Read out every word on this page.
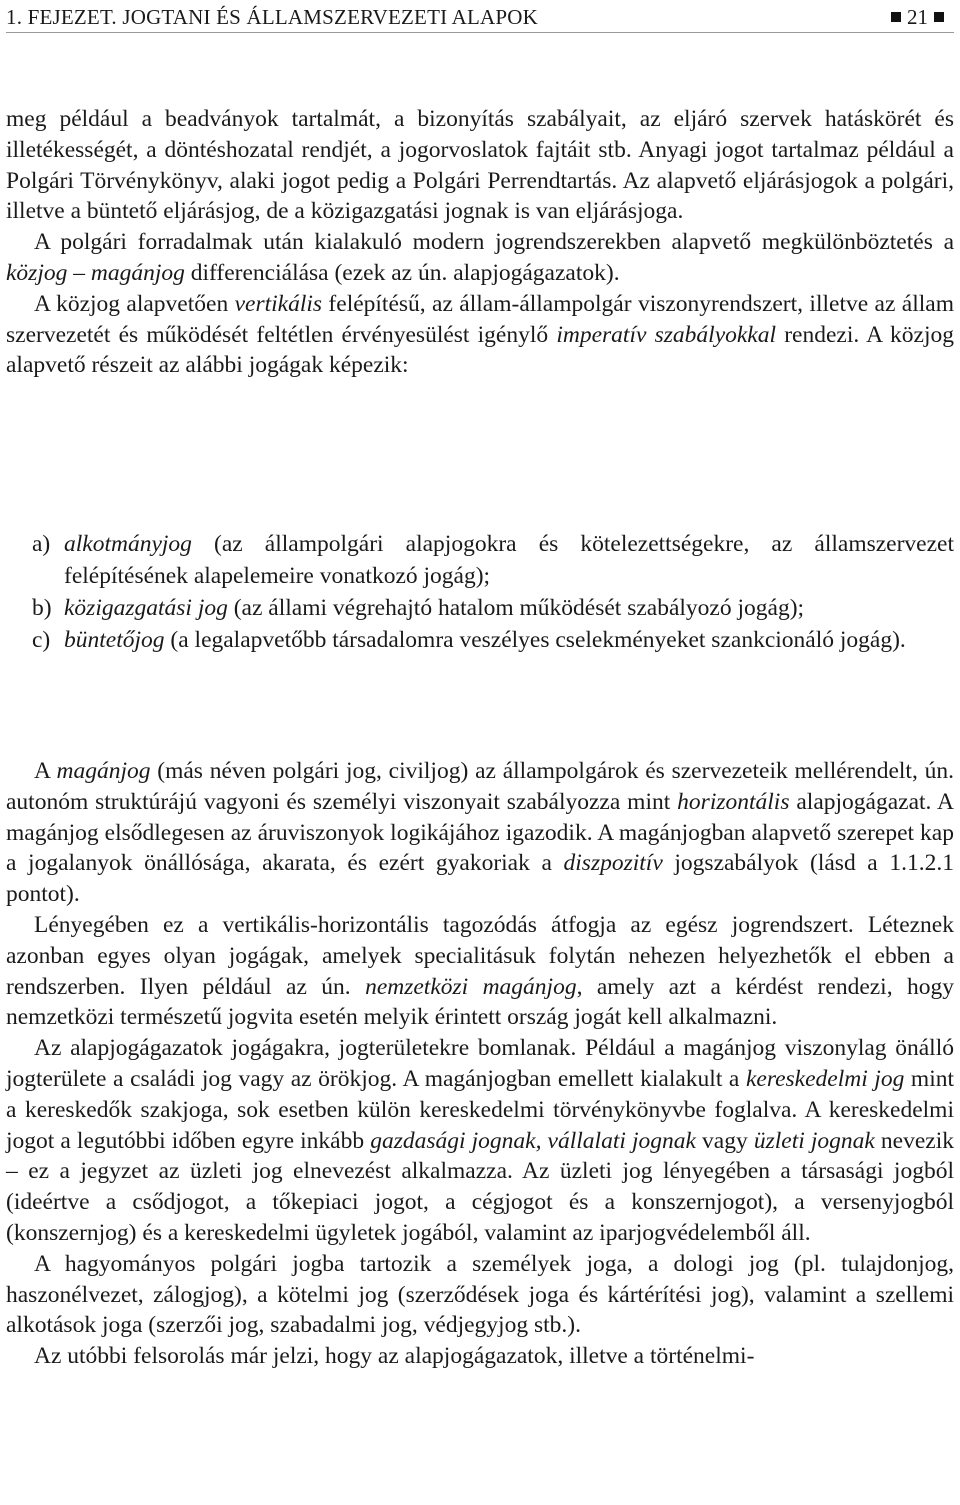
1. FEJEZET. JOGTANI ÉS ÁLLAMSZERVEZETI ALAPOK	21

meg például a beadványok tartalmát, a bizonyítás szabályait, az eljáró szervek hatáskörét és illetékességét, a döntéshozatal rendjét, a jogorvoslatok fajtáit stb. Anyagi jogot tartalmaz például a Polgári Törvénykönyv, alaki jogot pedig a Polgári Perrendtartás. Az alapvető eljárásjogok a polgári, illetve a büntető eljárásjog, de a közigazgatási jognak is van eljárásjoga.

A polgári forradalmak után kialakuló modern jogrendszerekben alapvető megkülönböztetés a közjog – magánjog differenciálása (ezek az ún. alapjogágazatok).

A közjog alapvetően vertikális felépítésű, az állam-állampolgár viszonyrendszert, illetve az állam szervezetét és működését feltétlen érvényesülést igénylő imperatív szabályokkal rendezi. A közjog alapvető részeit az alábbi jogágak képezik:

a) alkotmányjog (az állampolgári alapjogokra és kötelezettségekre, az államszervezet felépítésének alapelemeire vonatkozó jogág);
b) közigazgatási jog (az állami végrehajtó hatalom működését szabályozó jogág);
c) büntetőjog (a legalapvetőbb társadalomra veszélyes cselekményeket szankcionáló jogág).

A magánjog (más néven polgári jog, civiljog) az állampolgárok és szervezeteik mellérendelt, ún. autonóm struktúrájú vagyoni és személyi viszonyait szabályozza mint horizontális alapjogágazat. A magánjog elsődlegesen az áruviszonyok logikájához igazodik. A magánjogban alapvető szerepet kap a jogalanyok önállósága, akarata, és ezért gyakoriak a diszpozitív jogszabályok (lásd a 1.1.2.1 pontot).

Lényegében ez a vertikális-horizontális tagozódás átfogja az egész jogrendszert. Léteznek azonban egyes olyan jogágak, amelyek specialitásuk folytán nehezen helyezhetők el ebben a rendszerben. Ilyen például az ún. nemzetközi magánjog, amely azt a kérdést rendezi, hogy nemzetközi természetű jogvita esetén melyik érintett ország jogát kell alkalmazni.

Az alapjogágazatok jogágakra, jogterületekre bomlanak. Például a magánjog viszonylag önálló jogterülete a családi jog vagy az örökjog. A magánjogban emellett kialakult a kereskedelmi jog mint a kereskedők szakjoga, sok esetben külön kereskedelmi törvénykönyvbe foglalva. A kereskedelmi jogot a legutóbbi időben egyre inkább gazdasági jognak, vállalati jognak vagy üzleti jognak nevezik – ez a jegyzet az üzleti jog elnevezést alkalmazza. Az üzleti jog lényegében a társasági jogból (ideértve a csődjogot, a tőkepiaci jogot, a cégjogot és a konszernjogot), a versenyjogból (konszernjog) és a kereskedelmi ügyletek jogából, valamint az iparjogvédelemből áll.

A hagyományos polgári jogba tartozik a személyek joga, a dologi jog (pl. tulajdonjog, haszonélvezet, zálogjog), a kötelmi jog (szerződések joga és kártérítési jog), valamint a szellemi alkotások joga (szerzői jog, szabadalmi jog, védjegyjog stb.).

Az utóbbi felsorolás már jelzi, hogy az alapjogágazatok, illetve a történelmi-
